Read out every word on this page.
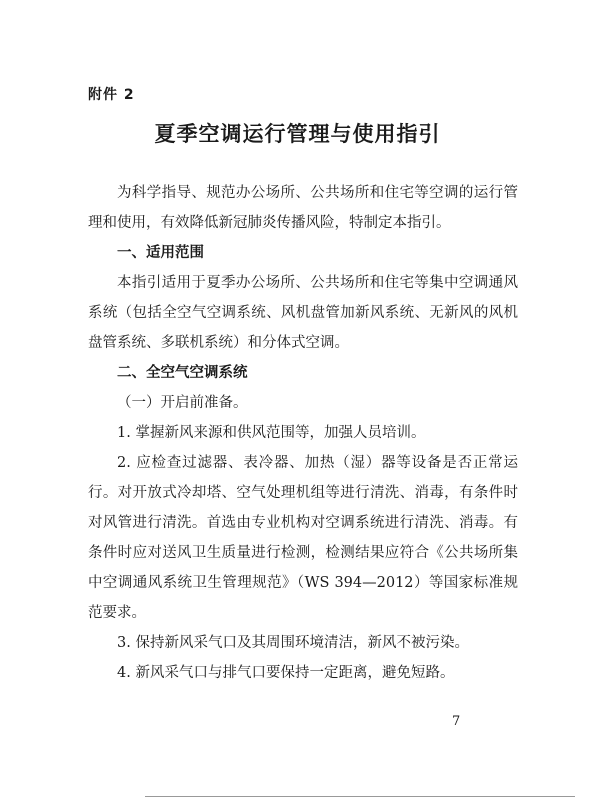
附件 2
夏季空调运行管理与使用指引

为科学指导、规范办公场所、公共场所和住宅等空调的运行管理和使用，有效降低新冠肺炎传播风险，特制定本指引。

一、适用范围

本指引适用于夏季办公场所、公共场所和住宅等集中空调通风系统（包括全空气空调系统、风机盘管加新风系统、无新风的风机盘管系统、多联机系统）和分体式空调。

二、全空气空调系统

（一）开启前准备。

1. 掌握新风来源和供风范围等，加强人员培训。

2. 应检查过滤器、表冷器、加热（湿）器等设备是否正常运行。对开放式冷却塔、空气处理机组等进行清洗、消毒，有条件时对风管进行清洗。首选由专业机构对空调系统进行清洗、消毒。有条件时应对送风卫生质量进行检测，检测结果应符合《公共场所集中空调通风系统卫生管理规范》（WS 394—2012）等国家标准规范要求。

3. 保持新风采气口及其周围环境清洁，新风不被污染。

4. 新风采气口与排气口要保持一定距离，避免短路。

7
